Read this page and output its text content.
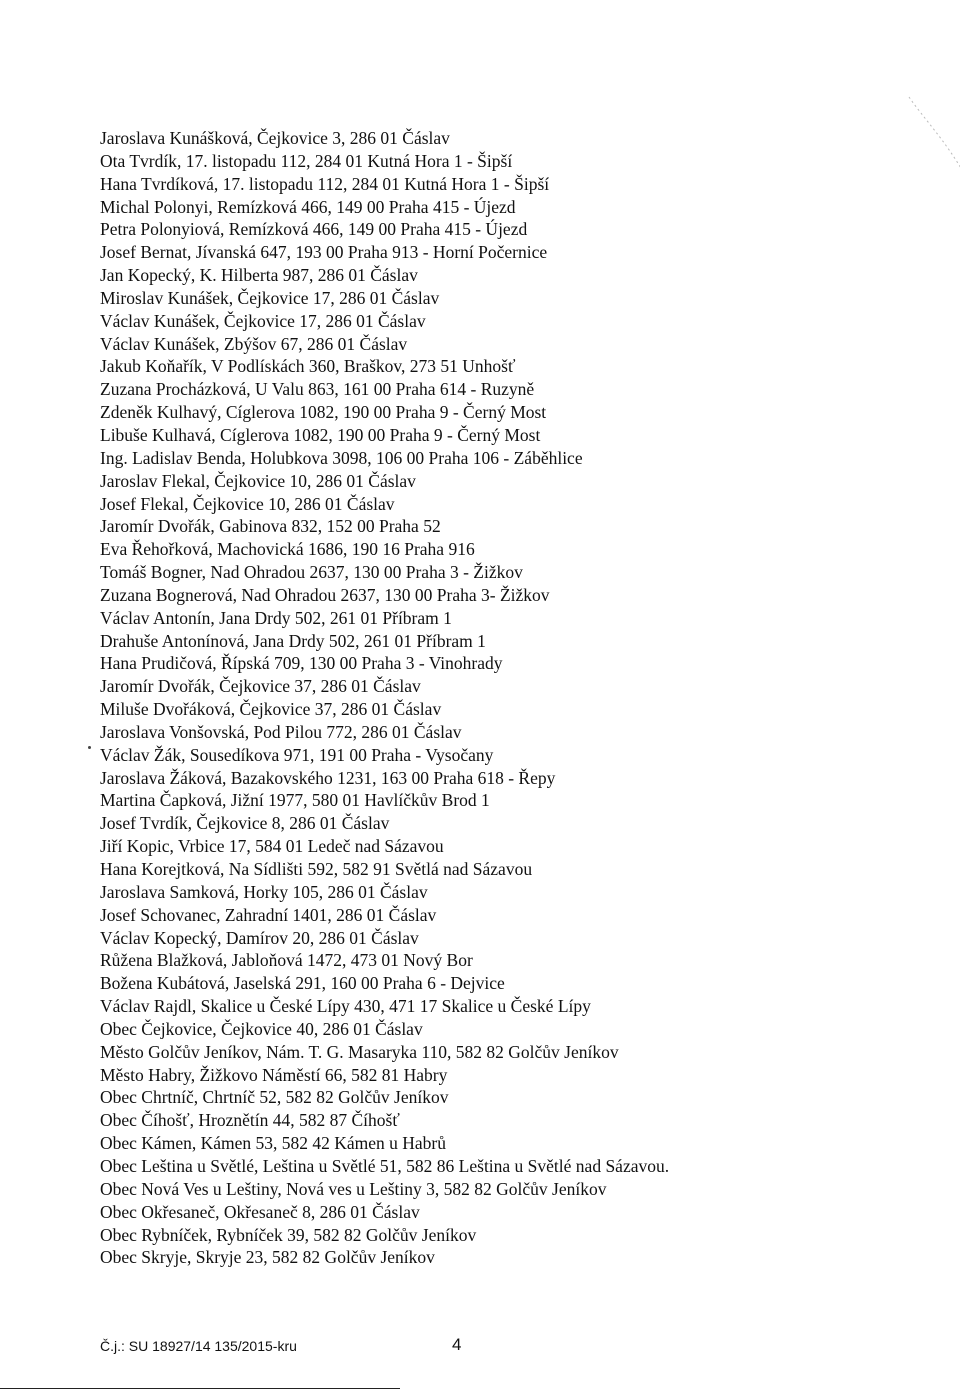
Jaroslava Kunášková, Čejkovice 3, 286 01 Čáslav
Ota Tvrdík, 17. listopadu 112, 284 01 Kutná Hora 1 - Šipší
Hana Tvrdíková, 17. listopadu 112, 284 01 Kutná Hora 1 - Šipší
Michal Polonyi, Remízková 466, 149 00 Praha 415 - Újezd
Petra Polonyiová, Remízková 466, 149 00 Praha 415 - Újezd
Josef Bernat, Jívanská 647, 193 00 Praha 913 - Horní Počernice
Jan Kopecký, K. Hilberta 987, 286 01 Čáslav
Miroslav Kunášek, Čejkovice 17, 286 01 Čáslav
Václav Kunášek, Čejkovice 17, 286 01 Čáslav
Václav Kunášek, Zbýšov 67, 286 01 Čáslav
Jakub Koňařík, V Podlískách 360, Braškov, 273 51 Unhošť
Zuzana Procházková, U Valu 863, 161 00 Praha 614 - Ruzyně
Zdeněk Kulhavý, Cíglerova 1082, 190 00 Praha 9 - Černý Most
Libuše Kulhavá, Cíglerova 1082, 190 00 Praha 9 - Černý Most
Ing. Ladislav Benda, Holubkova 3098, 106 00 Praha 106 - Záběhlice
Jaroslav Flekal, Čejkovice 10, 286 01 Čáslav
Josef Flekal, Čejkovice 10, 286 01 Čáslav
Jaromír Dvořák, Gabinova 832, 152 00 Praha 52
Eva Řehořková, Machovická 1686, 190 16 Praha 916
Tomáš Bogner, Nad Ohradou 2637, 130 00 Praha 3 - Žižkov
Zuzana Bognerová, Nad Ohradou 2637, 130 00 Praha 3- Žižkov
Václav Antonín, Jana Drdy 502, 261 01 Příbram 1
Drahuše Antonínová, Jana Drdy 502, 261 01 Příbram 1
Hana Prudičová, Řípská 709, 130 00 Praha 3 - Vinohrady
Jaromír Dvořák, Čejkovice 37, 286 01 Čáslav
Miluše Dvořáková, Čejkovice 37, 286 01 Čáslav
Jaroslava Vonšovská, Pod Pilou 772, 286 01 Čáslav
Václav Žák, Sousedíkova 971, 191 00 Praha - Vysočany
Jaroslava Žáková, Bazakovského 1231, 163 00 Praha 618 - Řepy
Martina Čapková, Jižní 1977, 580 01 Havlíčkův Brod 1
Josef Tvrdík, Čejkovice 8, 286 01 Čáslav
Jiří Kopic, Vrbice 17, 584 01 Ledeč nad Sázavou
Hana Korejtková, Na Sídlišti 592, 582 91 Světlá nad Sázavou
Jaroslava Samková, Horky 105, 286 01 Čáslav
Josef Schovanec, Zahradní 1401, 286 01 Čáslav
Václav Kopecký, Damírov 20, 286 01 Čáslav
Růžena Blažková, Jabloňová 1472, 473 01 Nový Bor
Božena Kubátová, Jaselská 291, 160 00 Praha 6 - Dejvice
Václav Rajdl, Skalice u České Lípy 430, 471 17 Skalice u České Lípy
Obec Čejkovice, Čejkovice 40, 286 01 Čáslav
Město Golčův Jeníkov, Nám. T. G. Masaryka 110, 582 82 Golčův Jeníkov
Město Habry, Žižkovo Náměstí 66, 582 81 Habry
Obec Chrtníč, Chrtníč 52, 582 82 Golčův Jeníkov
Obec Číhošť, Hroznětín 44, 582 87 Číhošť
Obec Kámen, Kámen 53, 582 42 Kámen u Habrů
Obec Leština u Světlé, Leština u Světlé 51, 582 86 Leština u Světlé nad Sázavou.
Obec Nová Ves u Leštiny, Nová ves u Leštiny 3, 582 82 Golčův Jeníkov
Obec Okřesaneč, Okřesaneč 8, 286 01 Čáslav
Obec Rybníček, Rybníček 39, 582 82 Golčův Jeníkov
Obec Skryje, Skryje 23, 582 82 Golčův Jeníkov
Č.j.: SU 18927/14 135/2015-kru	4
